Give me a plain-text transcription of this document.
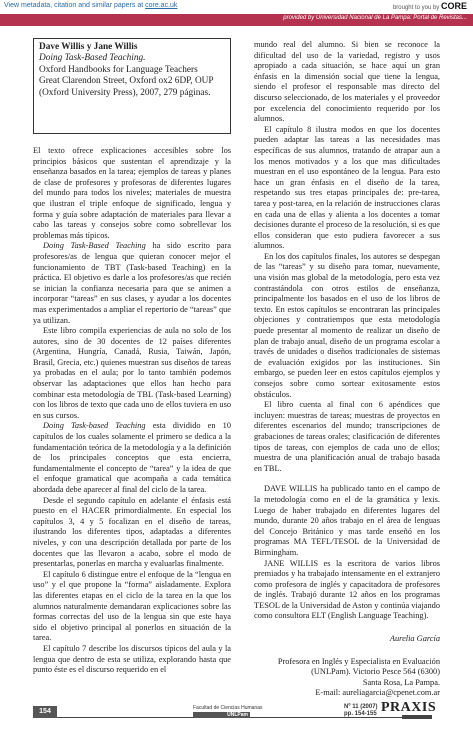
View metadata, citation and similar papers at core.ac.uk	brought to you by CORE
provided by Universidad Nacional de La Pampa: Portal de Revistas...
Dave Willis y Jane Willis
Doing Task-Based Teaching.
Oxford Handbooks for Language Teachers
Great Clarendon Street, Oxford ox2 6DP, OUP
(Oxford University Press), 2007, 279 páginas.

El texto ofrece explicaciones accesibles sobre los principios básicos que sustentan el aprendizaje y la enseñanza basados en la tarea; ejemplos de tareas y planes de clase de profesores y profesoras de diferentes lugares del mundo para todos los niveles; materiales de muestra que ilustran el triple enfoque de significado, lengua y forma y guía sobre adaptación de materiales para llevar a cabo las tareas y consejos sobre como sobrellevar los problemas más típicos.

Doing Task-Based Teaching ha sido escrito para profesores/as de lengua que quieran conocer mejor el funcionamiento de TBT (Task-based Teaching) en la práctica. El objetivo es darle a los profesores/as que recién se inician la confianza necesaria para que se animen a incorporar “tareas” en sus clases, y ayudar a los docentes mas experimentados a ampliar el repertorio de “tareas” que ya utilizan.

Este libro compila experiencias de aula no solo de los autores, sino de 30 docentes de 12 países diferentes (Argentina, Hungría, Canadá, Rusia, Taiwán, Japón, Brasil, Grecia, etc.) quienes muestran sus diseños de tareas ya probadas en el aula; por lo tanto también podemos observar las adaptaciones que ellos han hecho para combinar esta metodología de TBL (Task-based Learning) con los libros de texto que cada uno de ellos tuviera en uso en sus cursos.

Doing Task-based Teaching esta dividido en 10 capítulos de los cuales solamente el primero se dedica a la fundamentación teórica de la metodología y a la definición de los principales conceptos que esta encierra, fundamentalmente el concepto de “tarea” y la idea de que el enfoque gramatical que acompaña a cada temática abordada debe aparecer al final del ciclo de la tarea.

Desde el segundo capítulo en adelante el énfasis está puesto en el HACER primordialmente. En especial los capítulos 3, 4 y 5 focalizan en el diseño de tareas, ilustrando los diferentes tipos, adaptadas a diferentes niveles, y con una descripción detallada por parte de los docentes que las llevaron a acabo, sobre el modo de presentarlas, ponerlas en marcha y evaluarlas finalmente.

El capítulo 6 distingue entre el enfoque de la “lengua en uso” y el que propone la “forma” aisladamente. Explora las diferentes etapas en el ciclo de la tarea en la que los alumnos naturalmente demandaran explicaciones sobre las formas correctas del uso de la lengua sin que este haya sido el objetivo principal al ponerlos en situación de la tarea.

El capítulo 7 describe los discursos típicos del aula y la lengua que dentro de esta se utiliza, explorando hasta que punto éste es el discurso requerido en el

mundo real del alumno. Si bien se reconoce la dificultad del uso de la variedad, registro y usos apropiado a cada situación, se hace aquí un gran énfasis en la dimensión social que tiene la lengua, siendo el profesor el responsable mas directo del discurso seleccionado, de los materiales y el proveedor por excelencia del conocimiento requerido por los alumnos.

El capítulo 8 ilustra modos en que los docentes pueden adaptar las tareas a las necesidades mas específicas de sus alumnos, tratando de atrapar aun a los menos motivados y a los que mas dificultades muestran en el uso espontáneo de la lengua. Para esto hace un gran énfasis en el diseño de la tarea, respetando sus tres etapas principales de: pre-tarea, tarea y post-tarea, en la relación de instrucciones claras en cada una de ellas y alienta a los docentes a tomar decisiones durante el proceso de la resolución, si es que ellos consideran que esto pudiera favorecer a sus alumnos.

En los dos capítulos finales, los autores se despegan de las “tareas” y su diseño para tomar, nuevamente, una visión mas global de la metodología, pero esta vez contrastándola con otros estilos de enseñanza, principalmente los basados en el uso de los libros de texto. En estos capítulos se encontraran las principales objeciones y contratiempos que esta metodología puede presentar al momento de realizar un diseño de plan de trabajo anual, diseño de un programa escolar a través de unidades o diseños tradicionales de sistemas de evaluación exigidos por las instituciones. Sin embargo, se pueden leer en estos capítulos ejemplos y consejos sobre como sortear exitosamente estos obstáculos.

El libro cuenta al final con 6 apéndices que incluyen: muestras de tareas; muestras de proyectos en diferentes escenarios del mundo; transcripciones de grabaciones de tareas orales; clasificación de diferentes tipos de tareas, con ejemplos de cada uno de ellos; muestra de una planificación anual de trabajo basada en TBL.

DAVE WILLIS ha publicado tanto en el campo de la metodología como en el de la gramática y lexis. Luego de haber trabajado en diferentes lugares del mundo, durante 20 años trabajo en el área de lenguas del Concejo Británico y mas tarde enseñó en los programas MA TEFL/TESOL de la Universidad de Birmingham.

JANE WILLIS es la escritora de varios libros premiados y ha trabajado intensamente en el extranjero como profesora de inglés y capacitadora de profesores de inglés. Trabajó durante 12 años en los programas TESOL de la Universidad de Aston y continúa viajando como consultora ELT (English Language Teaching).

Aurelia García

Profesora en Inglés y Especialista en Evaluación (UNLPam). Victorio Pesce 564 (6300)

Santa Rosa, La Pampa.

E-mail: aureliagarcia@cpenet.com.ar

154	Facultad de Ciencias Humanas
UNLPam
Nº 11 (2007)
pp. 154-155 PRAXIS
